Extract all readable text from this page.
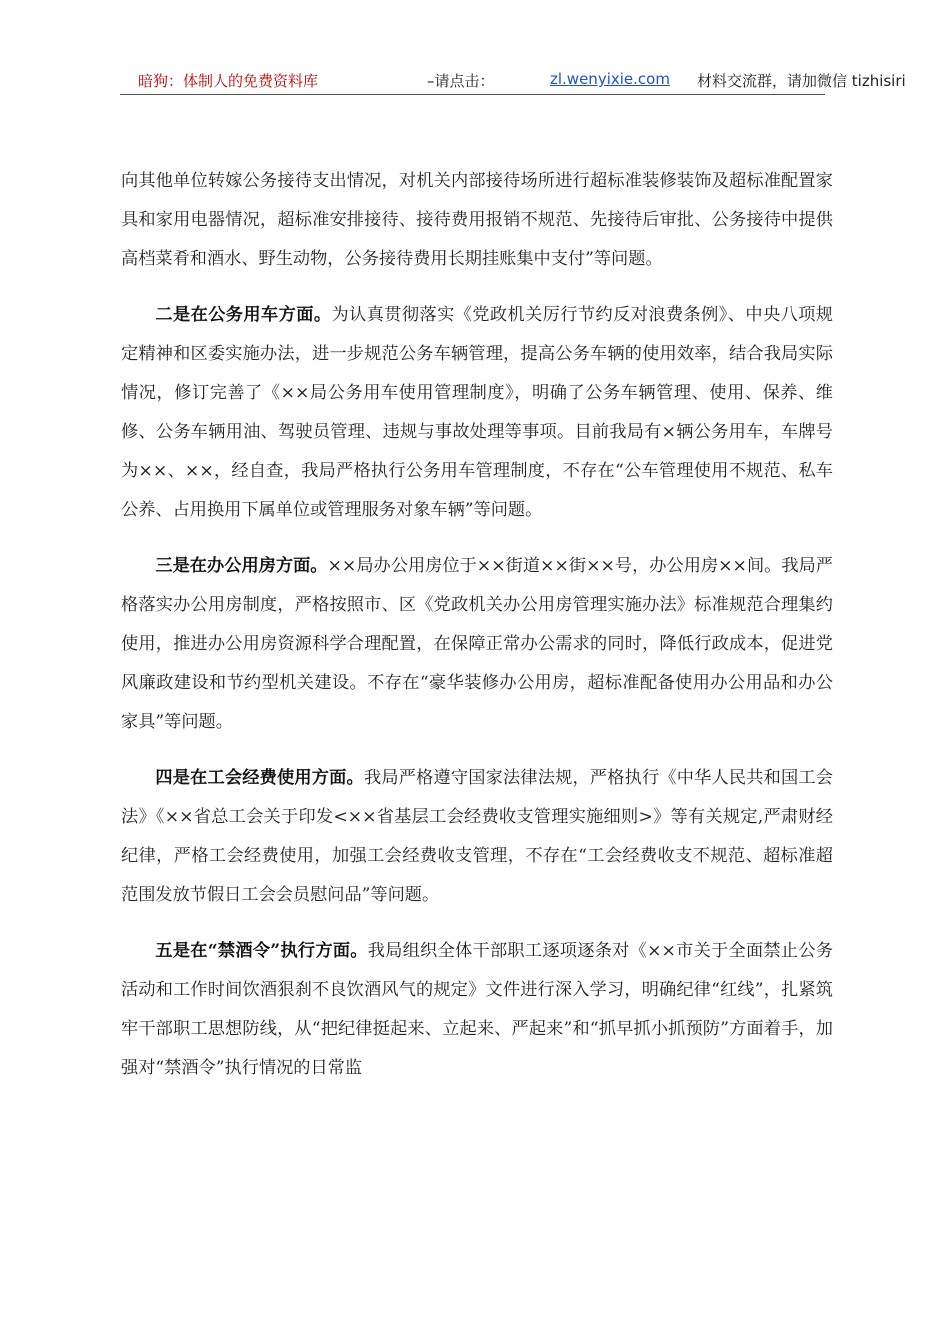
暗狗：体制人的免费资料库	–请点击：	zl.wenyixie.com 材料交流群，请加微信 tizhisiri

向其他单位转嫁公务接待支出情况，对机关内部接待场所进行超标准装修装饰及超标准配置家具和家用电器情况，超标准安排接待、接待费用报销不规范、先接待后审批、公务接待中提供高档菜肴和酒水、野生动物，公务接待费用长期挂账集中支付”等问题。

二是在公务用车方面。为认真贯彻落实《党政机关厉行节约反对浪费条例》、中央八项规定精神和区委实施办法，进一步规范公务车辆管理，提高公务车辆的使用效率，结合我局实际情况，修订完善了《××局公务用车使用管理制度》，明确了公务车辆管理、使用、保养、维修、公务车辆用油、驾驶员管理、违规与事故处理等事项。目前我局有×辆公务用车，车牌号为××、××，经自查，我局严格执行公务用车管理制度，不存在“公车管理使用不规范、私车公养、占用换用下属单位或管理服务对象车辆”等问题。

三是在办公用房方面。××局办公用房位于××街道××街××号，办公用房××间。我局严格落实办公用房制度，严格按照市、区《党政机关办公用房管理实施办法》标准规范合理集约使用，推进办公用房资源科学合理配置，在保障正常办公需求的同时，降低行政成本，促进党风廉政建设和节约型机关建设。不存在“豪华装修办公用房，超标准配备使用办公用品和办公家具”等问题。

四是在工会经费使用方面。我局严格遵守国家法律法规，严格执行《中华人民共和国工会法》《××省总工会关于印发<××省基层工会经费收支管理实施细则>》等有关规定,严肃财经纪律，严格工会经费使用，加强工会经费收支管理，不存在“工会经费收支不规范、超标准超范围发放节假日工会会员慰问品”等问题。

五是在“禁酒令”执行方面。我局组织全体干部职工逐项逐条对《××市关于全面禁止公务活动和工作时间饮酒狠刹不良饮酒风气的规定》文件进行深入学习，明确纪律“红线”，扎紧筑牢干部职工思想防线，从“把纪律挺起来、立起来、严起来”和“抓早抓小抓预防”方面着手，加强对“禁酒令”执行情况的日常监
